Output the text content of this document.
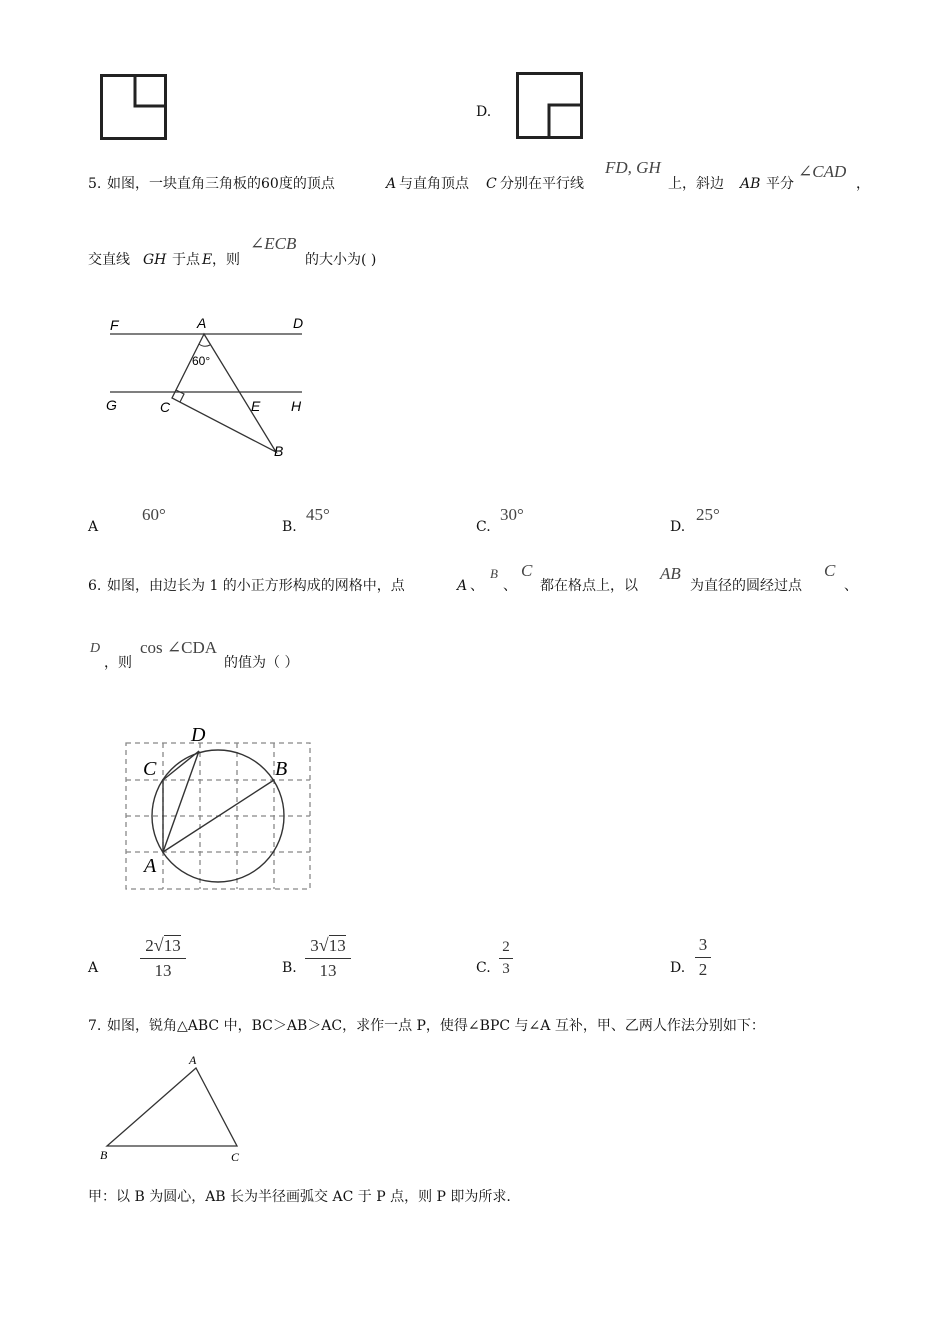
D.
5. 如图，一块直角三角板的60度的顶点	A 与直角顶点 C 分别在平行线
FD, GH
上，斜边 AB 平分
∠CAD
，
交直线 GH 于点 E ，则
∠ECB
的大小为( )
F	A	D
60°
G	C	E H
B
A
60°
B.
45°
C.
30°
D.
25°
6. 如图，由边长为 1 的小正方形构成的网格中，点	A 、
B
、
C
都在格点上，以
AB
为直径的圆经过点
C
、
D
，则
cos ∠CDA
的值为（ ）
D
C	B
A
A
2√13
13	B.
3√13
13	C.
2
3	D.
3
2
7. 如图，锐角△ABC 中，BC＞AB＞AC，求作一点 P，使得∠BPC 与∠A 互补，甲、乙两人作法分别如下：
A
B	C
甲：以 B 为圆心，AB 长为半径画弧交 AC 于 P 点，则 P 即为所求.
